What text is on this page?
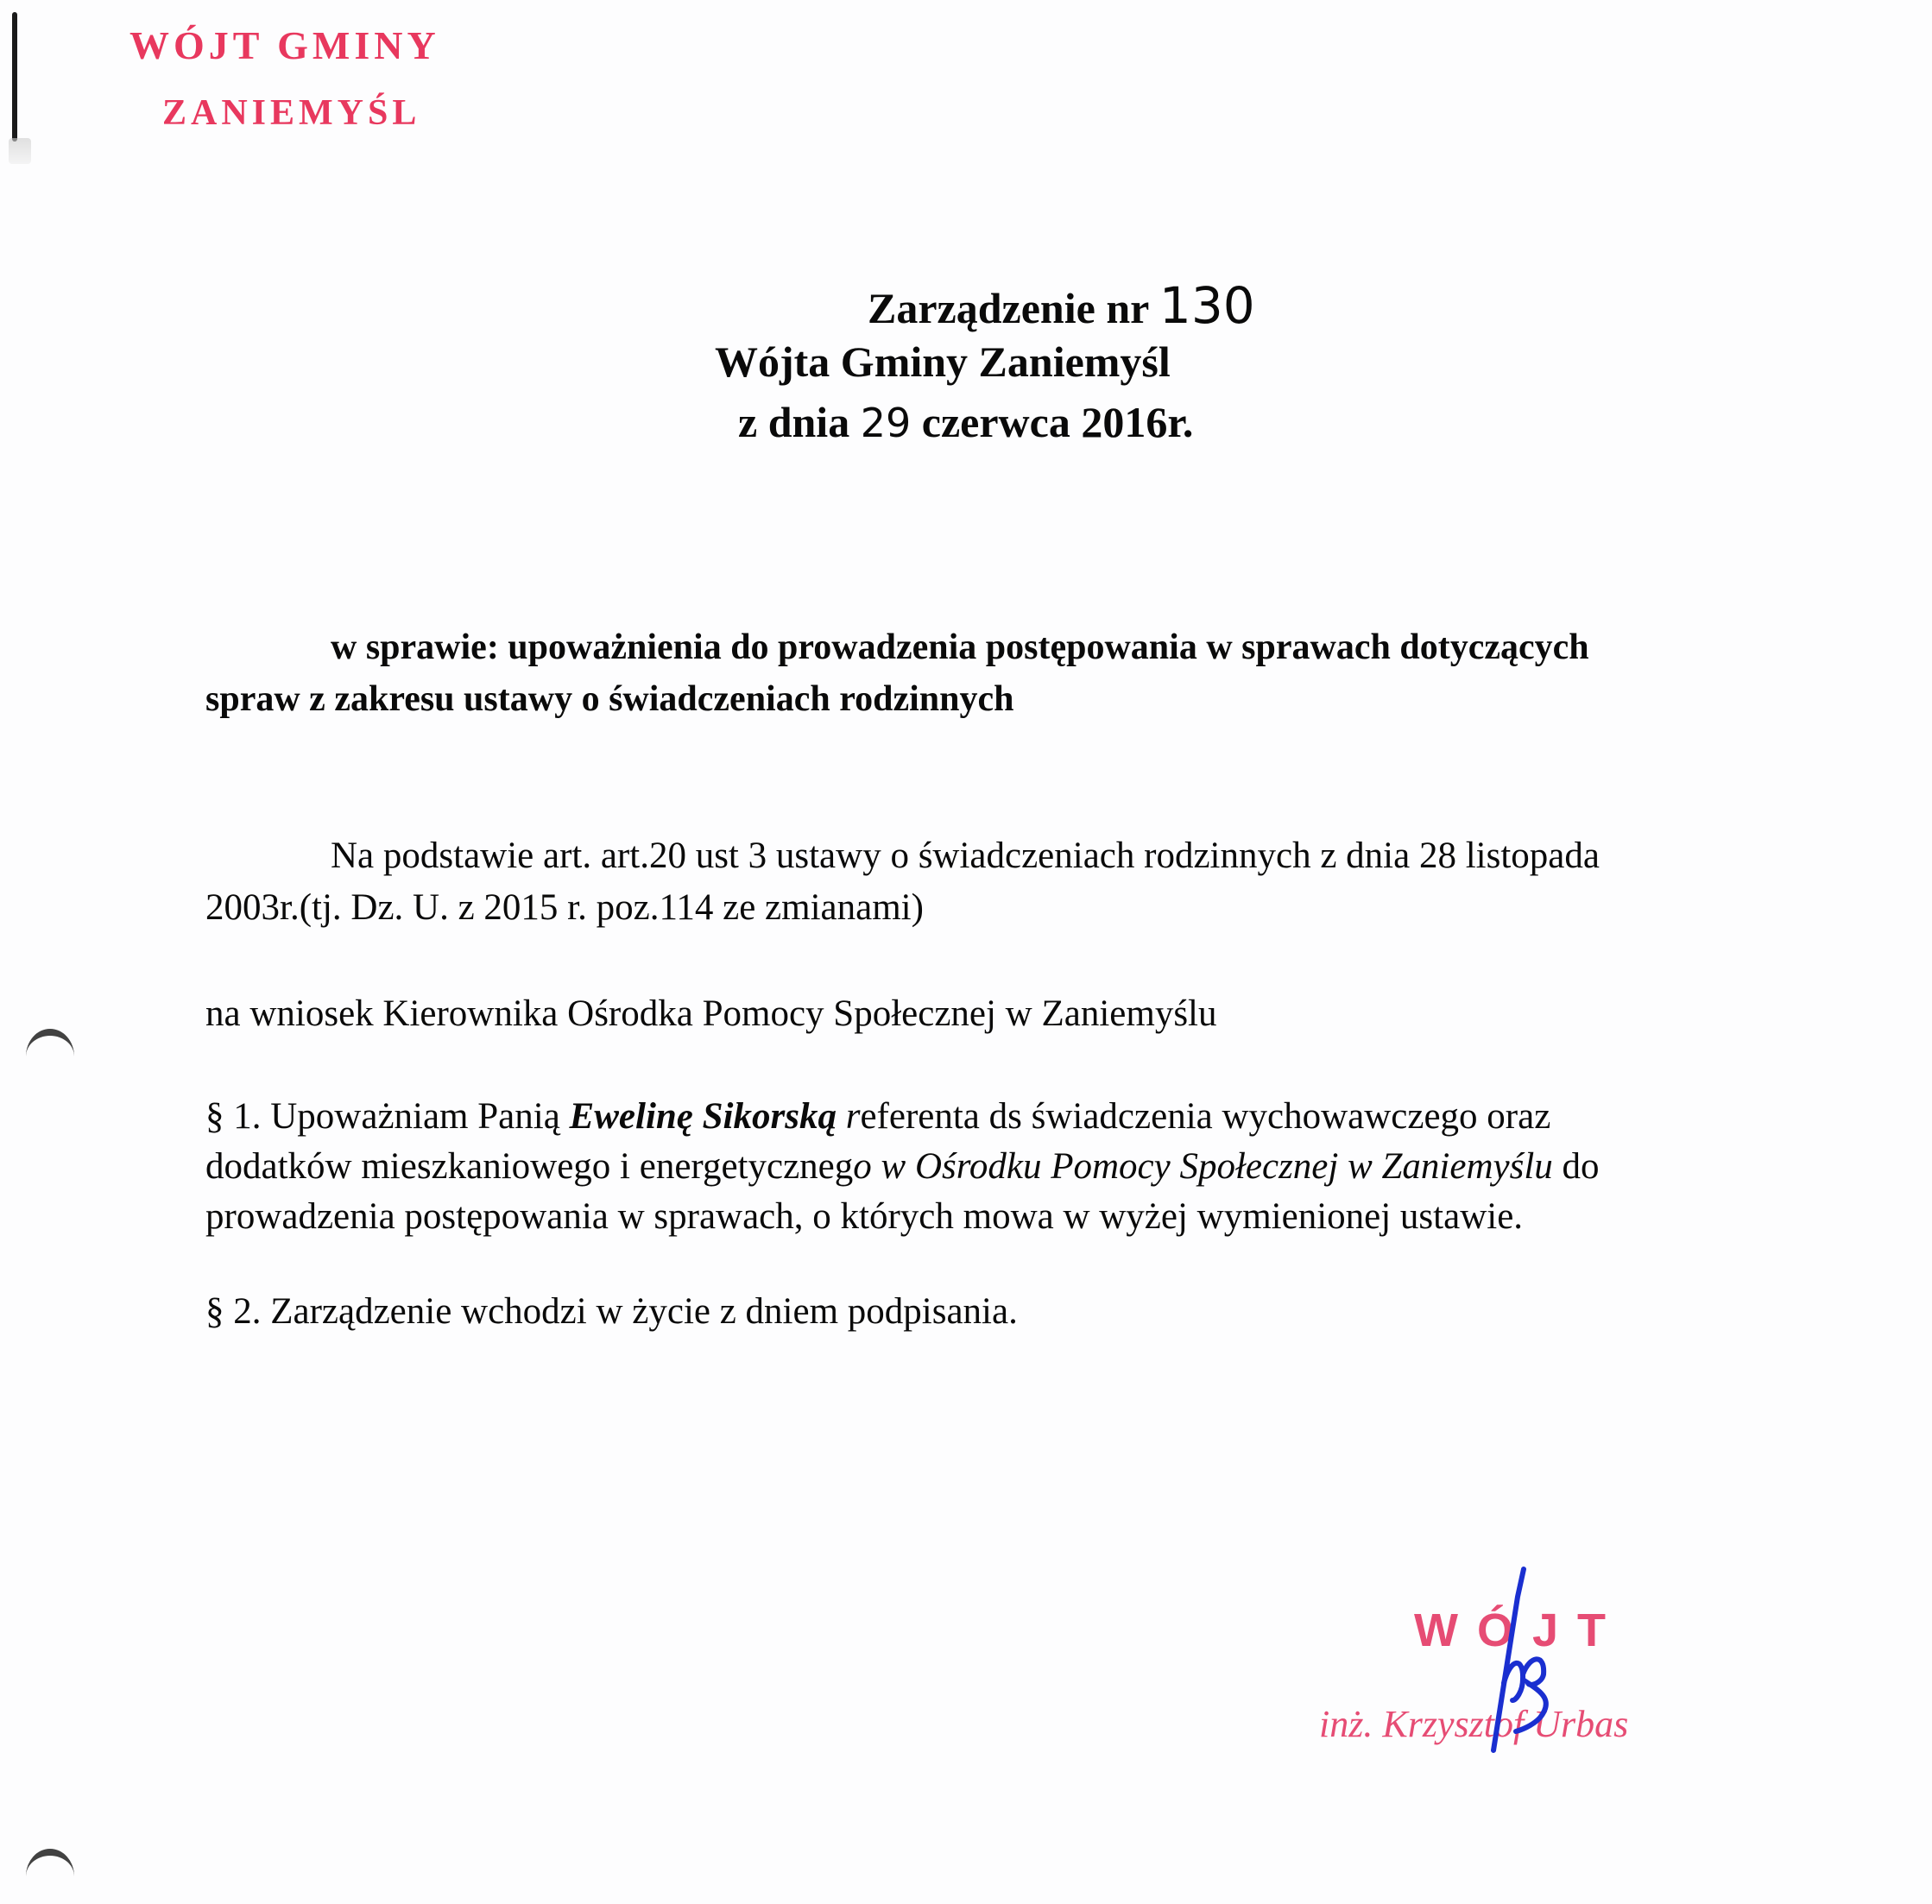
WÓJT GMINY
ZANIEMYŚL
Zarządzenie nr 130
Wójta Gminy Zaniemyśl
z dnia 29 czerwca 2016r.
w sprawie: upoważnienia do prowadzenia postępowania w sprawach dotyczących
spraw z zakresu ustawy o świadczeniach rodzinnych
Na podstawie art. art.20 ust 3 ustawy o świadczeniach rodzinnych z dnia 28 listopada
2003r.(tj. Dz. U. z 2015 r. poz.114 ze zmianami)
na wniosek Kierownika Ośrodka Pomocy Społecznej w Zaniemyślu
§ 1. Upoważniam Panią Ewelinę Sikorską referenta ds świadczenia wychowawczego oraz
dodatków mieszkaniowego i energetycznego w Ośrodku Pomocy Społecznej w Zaniemyślu do
prowadzenia postępowania w sprawach, o których mowa w wyżej wymienionej ustawie.
§ 2. Zarządzenie wchodzi w życie z dniem podpisania.
WÓJT
inż. Krzysztof Urbas
